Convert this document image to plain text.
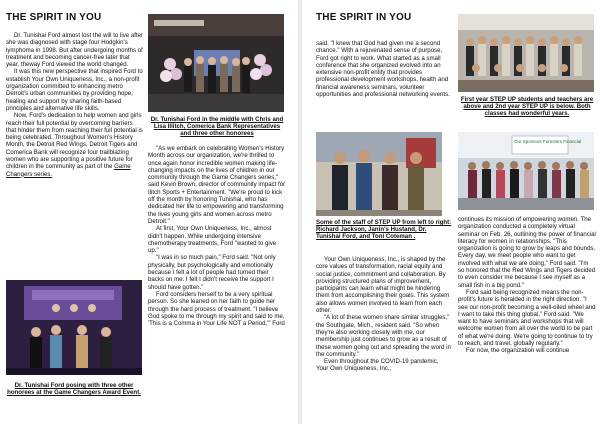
THE SPIRIT IN YOU

Dr. Tunishai Ford almost lost the will to live after she was diagnosed with stage four Hodgkin's lymphoma in 1998. But after undergoing months of treatment and becoming cancer-free later that year, theway Ford viewed the world changed.

It was this new perspective that inspired Ford to establish Your Own Uniqueness, Inc., a non-profit organization committed to enhancing metro Detroit's urban communities by providing hope, healing and support by sharing faith-based principles and alternative life skills.

Now, Ford's dedication to help women and girls reach their full potential by overcoming barriers that hinder them from reaching their full potential is being celebrated. Throughout Women's History Month, the Detroit Red Wings, Detroit Tigers and Comerica Bank will recognize four trailblazing women who are supporting a positive future for children in the community as part of the Game Changers series.

Dr. Tunishai Ford in the middle with Chris and Lisa Illitch, Comerica Bank Representatives and three other honorees

"As we embark on celebrating Women's History Month across our organization, we're thrilled to once again honor incredible women making life-changing impacts on the lives of children in our community through the Game Changers series," said Kevin Brown, director of community impact for Ilitch Sports + Entertainment. "We're proud to kick off the month by honoring Tunishai, who has dedicated her life to empowering and transforming the lives young girls and women across metro Detroit."

At first, Your Own Uniqueness, Inc., almost didn't happen. While undergoing intensive chemotherapy treatments, Ford "wanted to give up."

"I was in so much pain," Ford said. "Not only physically, but psychologically and emotionally because I felt a lot of people had turned their backs on me. I felt I didn't receive the support I should have gotten."

Ford considers herself to be a very spiritual person. So she leaned on her faith to guide her through the hard process of treatment. "I believe God spoke to me through my spirit and said to me, 'This is a Comma in Your Life NOT a Period,'" Ford

Dr. Tunishai Ford posing with three other honorees at the Game Changers Award Event.
THE SPIRIT IN YOU

said. "I knew that God had given me a second chance." With a rejuvenated sense of purpose, Ford got right to work. What started as a small conference that she organized evolved into an extensive non-profit entity that provides professional development workshops, health and financial awareness seminars, volunteer opportunities and professional networking events.

Some of the staff of STEP UP from left to right: Richard Jackson, Janin's Hustand, Dr. Tunishai Ford, and Toni Coteman .

Your Own Uniqueness, Inc., is shaped by the core values of transformation, racial equity and social justice, commitment and collaboration. By providing structured plans of improvement, participants can learn what might be hindering them from accomplishing their goals. This system also allows women involved to learn from each other.

"A lot of these women share similar struggles," the Southgate, Mich., resident said. "So when they're also working closely with me, our membership just continues to grow as a result of these women going out and spreading the word in the community."

Even throughout the COVID-19 pandemic, Your Own Uniqueness, Inc.,

First year STEP UP students and teachers are above and 2nd year STEP UP is below. Both classes had wonderful years.
Our Sponsors Foresters Financial

continues its mission of empowering women. The organization conducted a completely virtual seminar on Feb. 26, outlining the power of financial literacy for women in relationships. "This organization is going to grow by leaps and bounds. Every day, we meet people who want to get involved with what we are doing," Ford said. "I'm so honored that the Red Wings and Tigers decided to even consider me because I see myself as a small fish in a big pond."

Ford said being recognized means the non-profit's future is heralded in the right direction. "I see our non-profit becoming a well-oiled wheel and I want to take this thing global," Ford said. "We want to have seminars and workshops that will welcome women from all over the world to be part of what we're doing. We're going to continue to try to reach, and travel, globally regularly."

For now, the organization will continue
